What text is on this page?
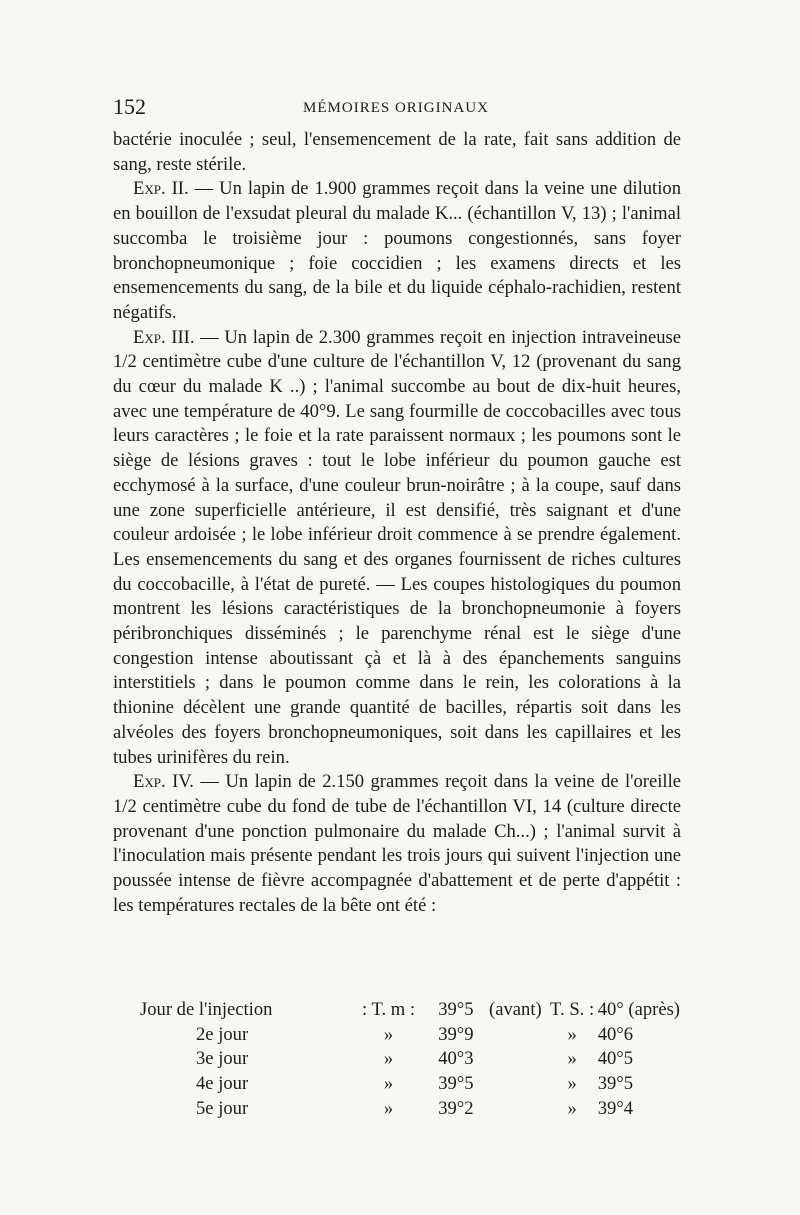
152	MÉMOIRES ORIGINAUX

bactérie inoculée ; seul, l'ensemencement de la rate, fait sans addition de sang, reste stérile.

Exp. II. — Un lapin de 1.900 grammes reçoit dans la veine une dilution en bouillon de l'exsudat pleural du malade K... (échantillon V, 13) ; l'animal succomba le troisième jour : poumons congestionnés, sans foyer bronchopneumonique ; foie coccidien ; les examens directs et les ensemencements du sang, de la bile et du liquide céphalo-rachidien, restent négatifs.

Exp. III. — Un lapin de 2.300 grammes reçoit en injection intraveineuse 1/2 centimètre cube d'une culture de l'échantillon V, 12 (provenant du sang du cœur du malade K ..) ; l'animal succombe au bout de dix-huit heures, avec une température de 40°9. Le sang fourmille de coccobacilles avec tous leurs caractères ; le foie et la rate paraissent normaux ; les poumons sont le siège de lésions graves : tout le lobe inférieur du poumon gauche est ecchymosé à la surface, d'une couleur brun-noirâtre ; à la coupe, sauf dans une zone superficielle antérieure, il est densifié, très saignant et d'une couleur ardoisée ; le lobe inférieur droit commence à se prendre également. Les ensemencements du sang et des organes fournissent de riches cultures du coccobacille, à l'état de pureté. — Les coupes histologiques du poumon montrent les lésions caractéristiques de la bronchopneumonie à foyers péribronchiques disséminés ; le parenchyme rénal est le siège d'une congestion intense aboutissant çà et là à des épanchements sanguins interstitiels ; dans le poumon comme dans le rein, les colorations à la thionine décèlent une grande quantité de bacilles, répartis soit dans les alvéoles des foyers bronchopneumoniques, soit dans les capillaires et les tubes urinifères du rein.

Exp. IV. — Un lapin de 2.150 grammes reçoit dans la veine de l'oreille 1/2 centimètre cube du fond de tube de l'échantillon VI, 14 (culture directe provenant d'une ponction pulmonaire du malade Ch...) ; l'animal survit à l'inoculation mais présente pendant les trois jours qui suivent l'injection une poussée intense de fièvre accompagnée d'abattement et de perte d'appétit : les températures rectales de la bête ont été :

Jour de l'injection	: T. m :	39°5	(avant)	T. S. :	40° (après)
2e jour	»	39°9		»	40°6
3e jour	»	40°3		»	40°5
4e jour	»	39°5		»	39°5
5e jour	»	39°2		»	39°4
